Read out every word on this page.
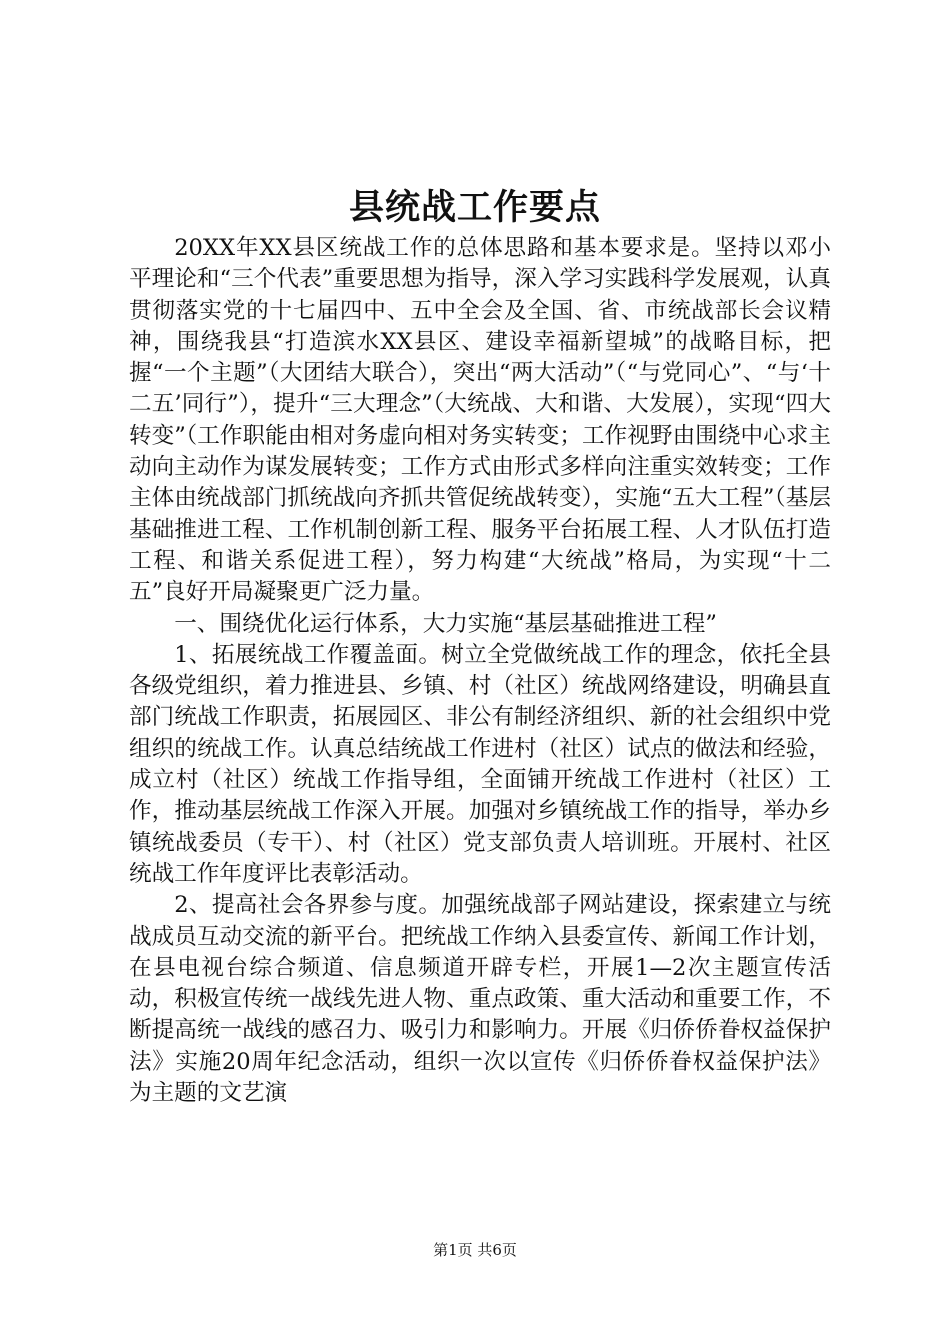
县统战工作要点

20XX年XX县区统战工作的总体思路和基本要求是。坚持以邓小平理论和“三个代表”重要思想为指导，深入学习实践科学发展观，认真贯彻落实党的十七届四中、五中全会及全国、省、市统战部长会议精神，围绕我县“打造滨水XX县区、建设幸福新望城”的战略目标，把握“一个主题”（大团结大联合），突出“两大活动”（“与党同心”、“与‘十二五’同行”），提升“三大理念”（大统战、大和谐、大发展），实现“四大转变”（工作职能由相对务虚向相对务实转变；工作视野由围绕中心求主动向主动作为谋发展转变；工作方式由形式多样向注重实效转变；工作主体由统战部门抓统战向齐抓共管促统战转变），实施“五大工程”（基层基础推进工程、工作机制创新工程、服务平台拓展工程、人才队伍打造工程、和谐关系促进工程），努力构建“大统战”格局，为实现“十二五”良好开局凝聚更广泛力量。

一、围绕优化运行体系，大力实施“基层基础推进工程”

1、拓展统战工作覆盖面。树立全党做统战工作的理念，依托全县各级党组织，着力推进县、乡镇、村（社区）统战网络建设，明确县直部门统战工作职责，拓展园区、非公有制经济组织、新的社会组织中党组织的统战工作。认真总结统战工作进村（社区）试点的做法和经验，成立村（社区）统战工作指导组，全面铺开统战工作进村（社区）工作，推动基层统战工作深入开展。加强对乡镇统战工作的指导，举办乡镇统战委员（专干）、村（社区）党支部负责人培训班。开展村、社区统战工作年度评比表彰活动。

2、提高社会各界参与度。加强统战部子网站建设，探索建立与统战成员互动交流的新平台。把统战工作纳入县委宣传、新闻工作计划，在县电视台综合频道、信息频道开辟专栏，开展1—2次主题宣传活动，积极宣传统一战线先进人物、重点政策、重大活动和重要工作，不断提高统一战线的感召力、吸引力和影响力。开展《归侨侨眷权益保护法》实施20周年纪念活动，组织一次以宣传《归侨侨眷权益保护法》为主题的文艺演

第1页 共6页
